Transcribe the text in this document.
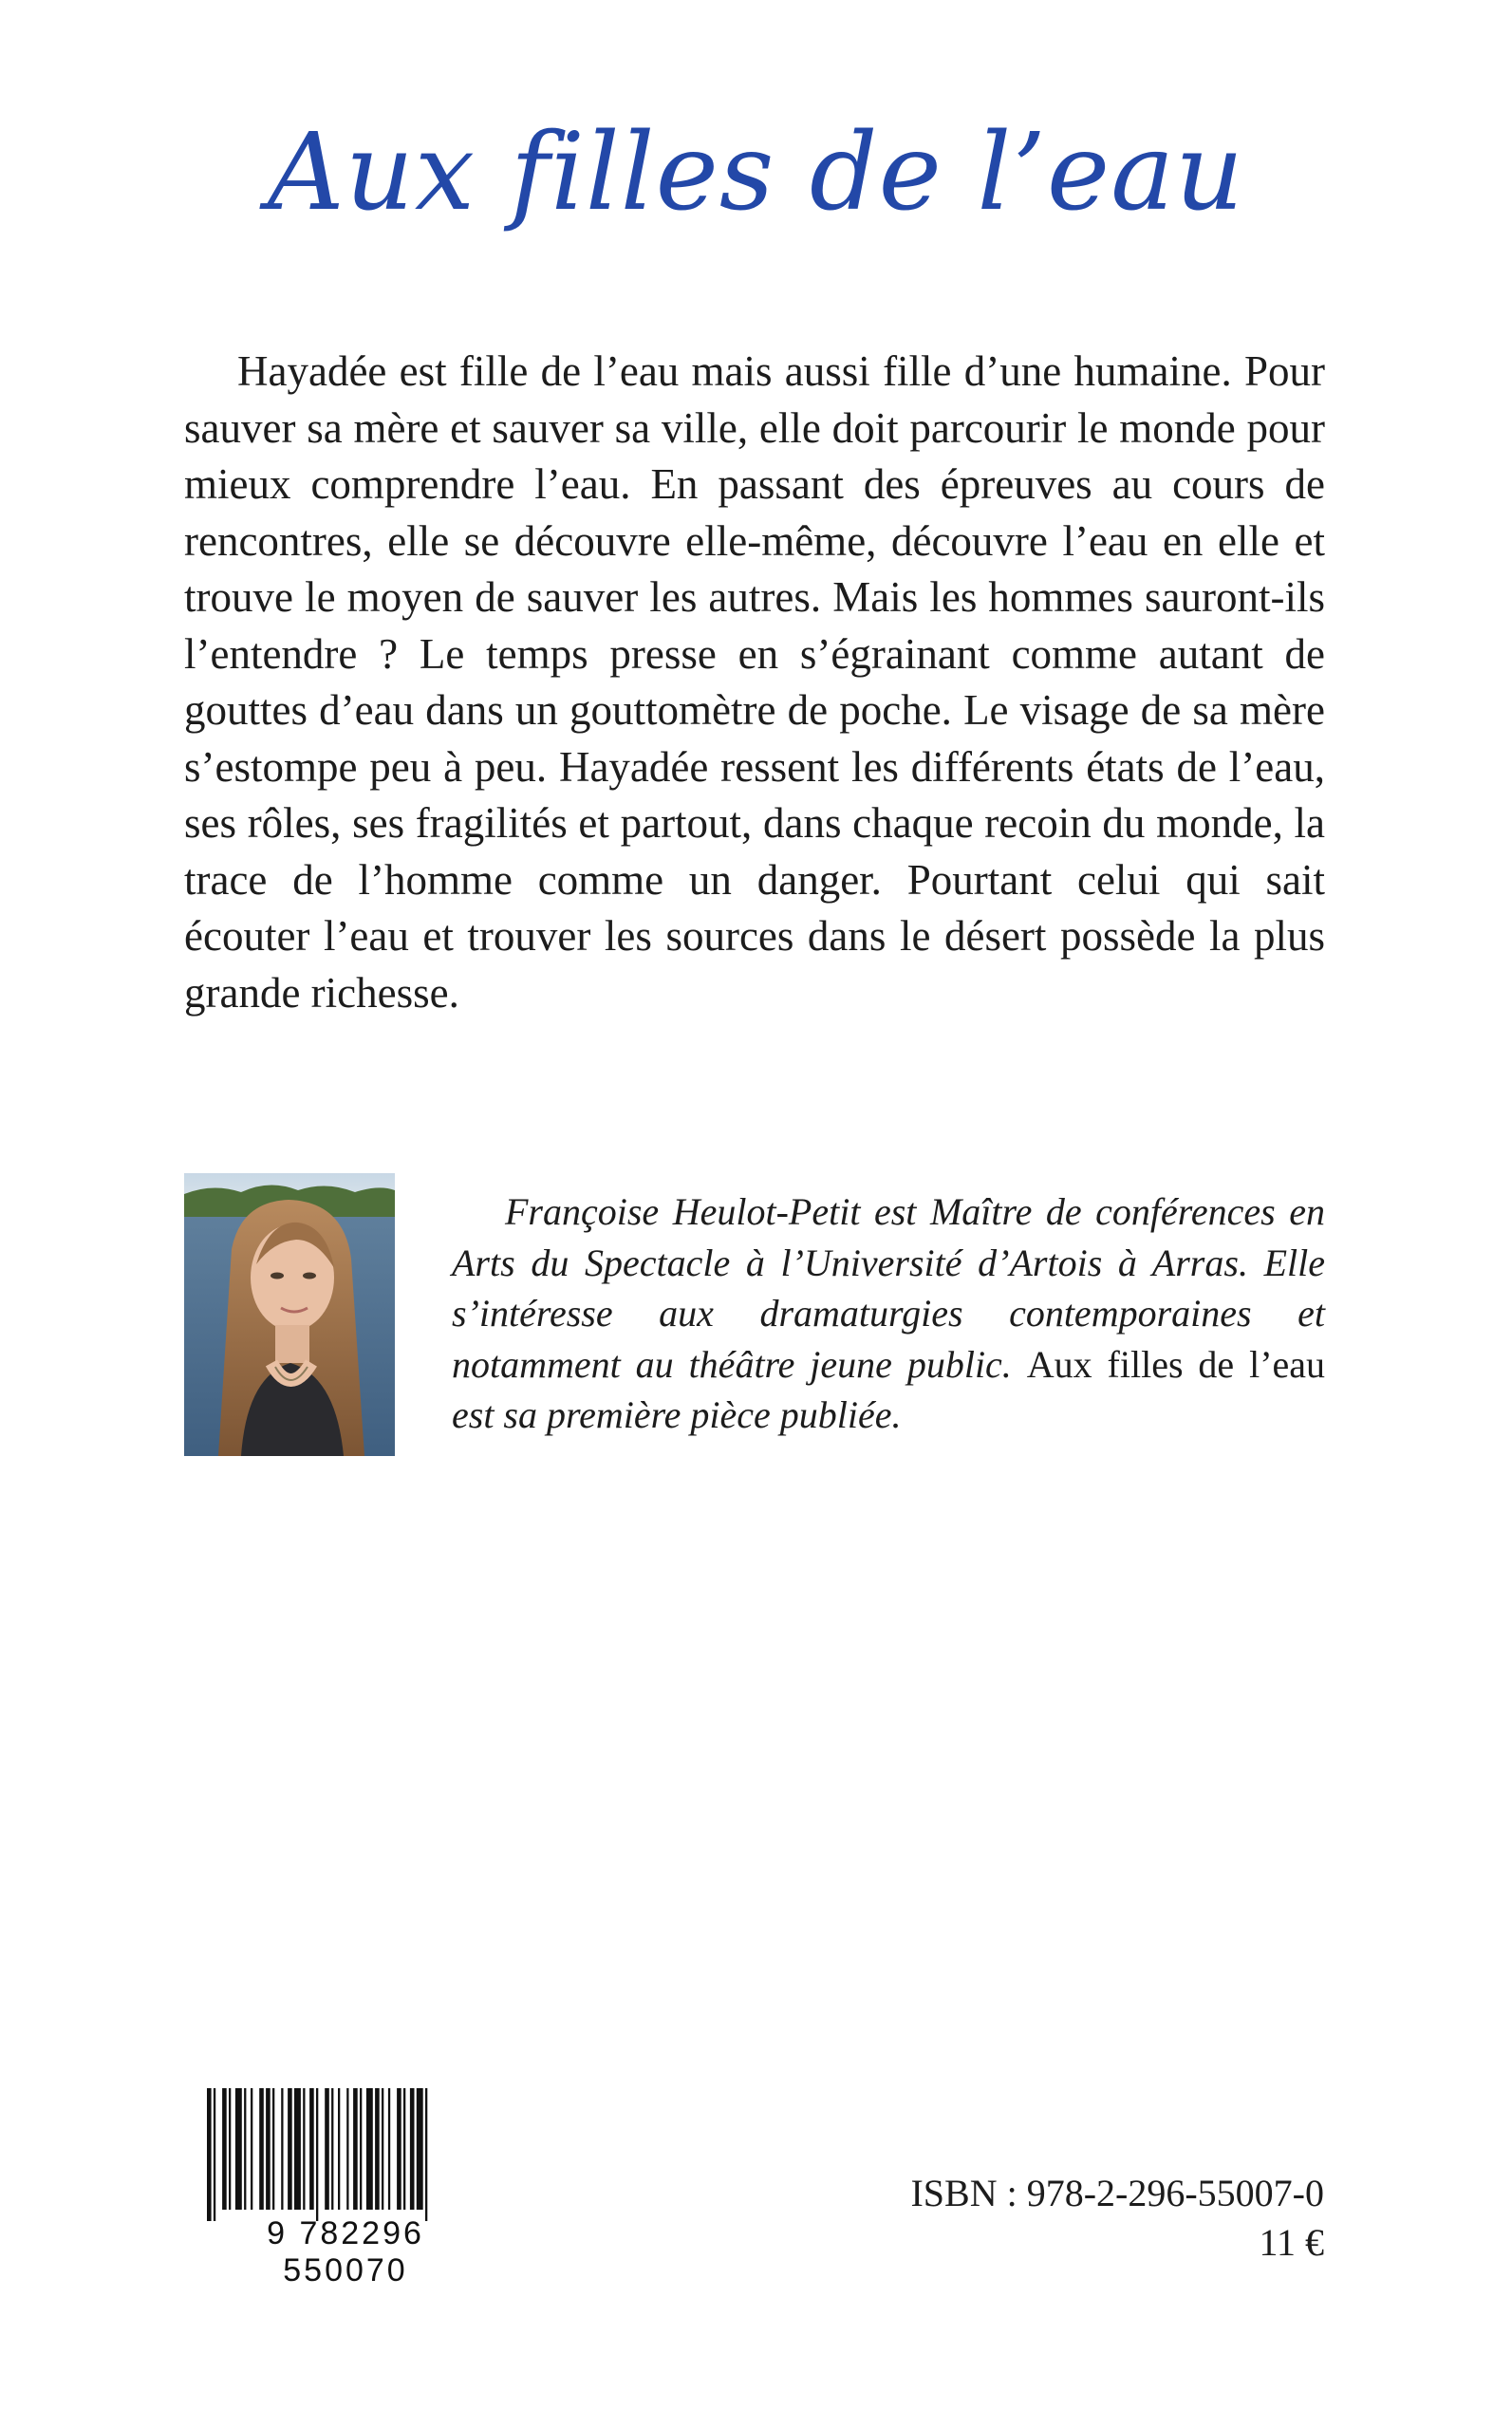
Aux filles de l’eau

Hayadée est fille de l’eau mais aussi fille d’une humaine. Pour sauver sa mère et sauver sa ville, elle doit parcourir le monde pour mieux comprendre l’eau. En passant des épreuves au cours de rencontres, elle se découvre elle-même, découvre l’eau en elle et trouve le moyen de sauver les autres. Mais les hommes sauront-ils l’entendre ? Le temps presse en s’égrainant comme autant de gouttes d’eau dans un gouttomètre de poche. Le visage de sa mère s’estompe peu à peu. Hayadée ressent les différents états de l’eau, ses rôles, ses fragilités et partout, dans chaque recoin du monde, la trace de l’homme comme un danger. Pourtant celui qui sait écouter l’eau et trouver les sources dans le désert possède la plus grande richesse.

Françoise Heulot-Petit est Maître de conférences en Arts du Spectacle à l’Université d’Artois à Arras. Elle s’intéresse aux dramaturgies contemporaines et notamment au théâtre jeune public. Aux filles de l’eau est sa première pièce publiée.

9 782296 550070
ISBN : 978-2-296-55007-0
11 €
